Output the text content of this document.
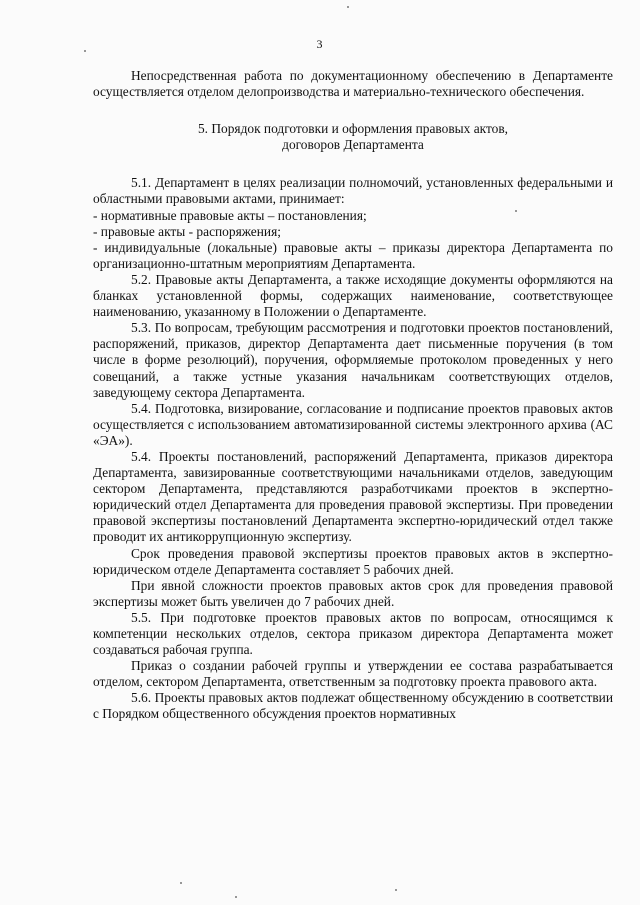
3

Непосредственная работа по документационному обеспечению в Департаменте осуществляется отделом делопроизводства и материально-технического обеспечения.

5. Порядок подготовки и оформления правовых актов,
договоров Департамента

5.1. Департамент в целях реализации полномочий, установленных федеральными и областными правовыми актами, принимает:

- нормативные правовые акты – постановления;

- правовые акты - распоряжения;

- индивидуальные (локальные) правовые акты – приказы директора Департамента по организационно-штатным мероприятиям Департамента.

5.2. Правовые акты Департамента, а также исходящие документы оформляются на бланках установленной формы, содержащих наименование, соответствующее наименованию, указанному в Положении о Департаменте.

5.3. По вопросам, требующим рассмотрения и подготовки проектов постановлений, распоряжений, приказов, директор Департамента дает письменные поручения (в том числе в форме резолюций), поручения, оформляемые протоколом проведенных у него совещаний, а также устные указания начальникам соответствующих отделов, заведующему сектора Департамента.

5.4. Подготовка, визирование, согласование и подписание проектов правовых актов осуществляется с использованием автоматизированной системы электронного архива (АС «ЭА»).

5.4. Проекты постановлений, распоряжений Департамента, приказов директора Департамента, завизированные соответствующими начальниками отделов, заведующим сектором Департамента, представляются разработчиками проектов в экспертно-юридический отдел Департамента для проведения правовой экспертизы. При проведении правовой экспертизы постановлений Департамента экспертно-юридический отдел также проводит их антикоррупционную экспертизу.

Срок проведения правовой экспертизы проектов правовых актов в экспертно-юридическом отделе Департамента составляет 5 рабочих дней.

При явной сложности проектов правовых актов срок для проведения правовой экспертизы может быть увеличен до 7 рабочих дней.

5.5. При подготовке проектов правовых актов по вопросам, относящимся к компетенции нескольких отделов, сектора приказом директора Департамента может создаваться рабочая группа.

Приказ о создании рабочей группы и утверждении ее состава разрабатывается отделом, сектором Департамента, ответственным за подготовку проекта правового акта.

5.6. Проекты правовых актов подлежат общественному обсуждению в соответствии с Порядком общественного обсуждения проектов нормативных
